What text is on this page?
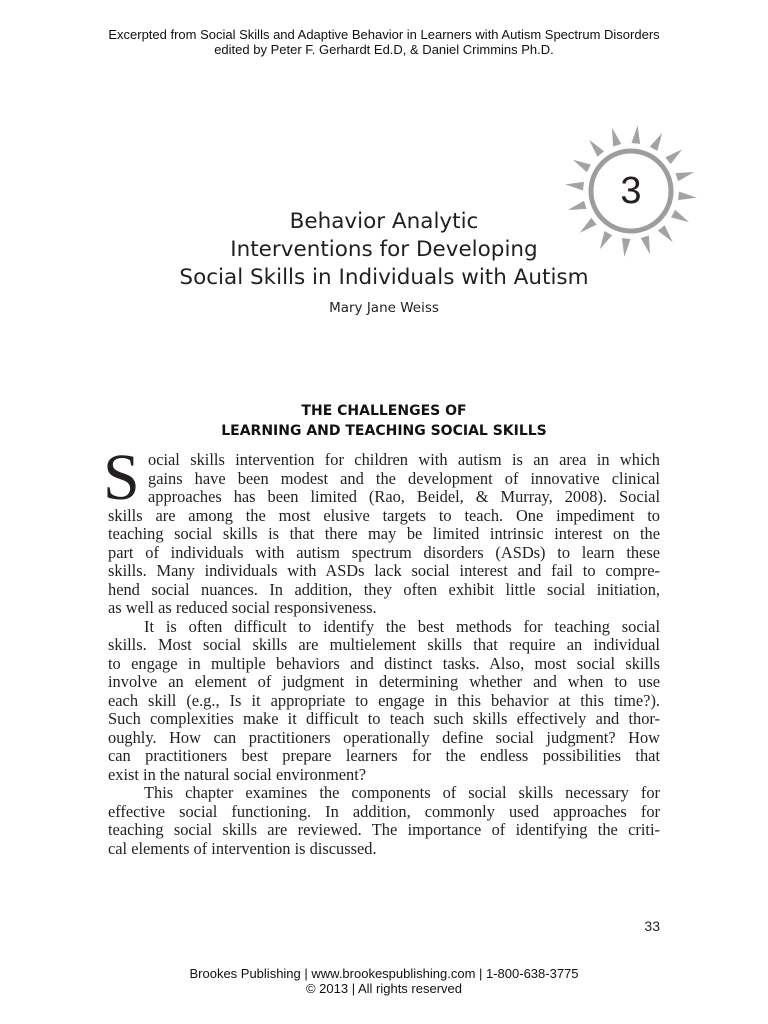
Excerpted from Social Skills and Adaptive Behavior in Learners with Autism Spectrum Disorders
edited by Peter F. Gerhardt Ed.D, & Daniel Crimmins Ph.D.
3
Behavior Analytic
Interventions for Developing
Social Skills in Individuals with Autism
Mary Jane Weiss
THE CHALLENGES OF
LEARNING AND TEACHING SOCIAL SKILLS
S ocial skills intervention for children with autism is an area in which
gains have been modest and the development of innovative clinical
approaches has been limited (Rao, Beidel, & Murray, 2008). Social
skills are among the most elusive targets to teach. One impediment to
teaching social skills is that there may be limited intrinsic interest on the
part of individuals with autism spectrum disorders (ASDs) to learn these
skills. Many individuals with ASDs lack social interest and fail to compre-
hend social nuances. In addition, they often exhibit little social initiation,
as well as reduced social responsiveness.
It is often difficult to identify the best methods for teaching social
skills. Most social skills are multielement skills that require an individual
to engage in multiple behaviors and distinct tasks. Also, most social skills
involve an element of judgment in determining whether and when to use
each skill (e.g., Is it appropriate to engage in this behavior at this time?).
Such complexities make it difficult to teach such skills effectively and thor-
oughly. How can practitioners operationally define social judgment? How
can practitioners best prepare learners for the endless possibilities that
exist in the natural social environment?
This chapter examines the components of social skills necessary for
effective social functioning. In addition, commonly used approaches for
teaching social skills are reviewed. The importance of identifying the criti-
cal elements of intervention is discussed.
33
Brookes Publishing | www.brookespublishing.com | 1-800-638-3775
© 2013 | All rights reserved
